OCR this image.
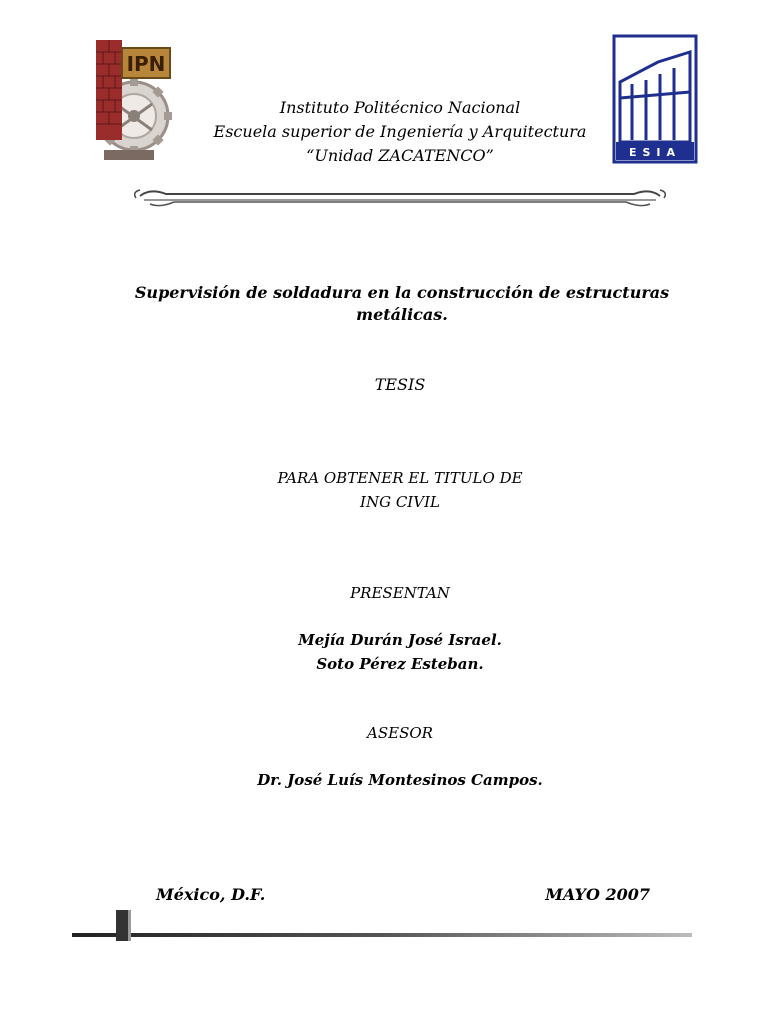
IPN
ESIA
Instituto Politécnico Nacional
Escuela superior de Ingeniería y Arquitectura
“Unidad ZACATENCO”
Supervisión de soldadura en la construcción de estructuras metálicas.
TESIS
PARA OBTENER EL TITULO DE
ING CIVIL
PRESENTAN
Mejía Durán José Israel.
Soto Pérez Esteban.
ASESOR
Dr. José Luís Montesinos Campos.
México, D.F.	MAYO 2007
